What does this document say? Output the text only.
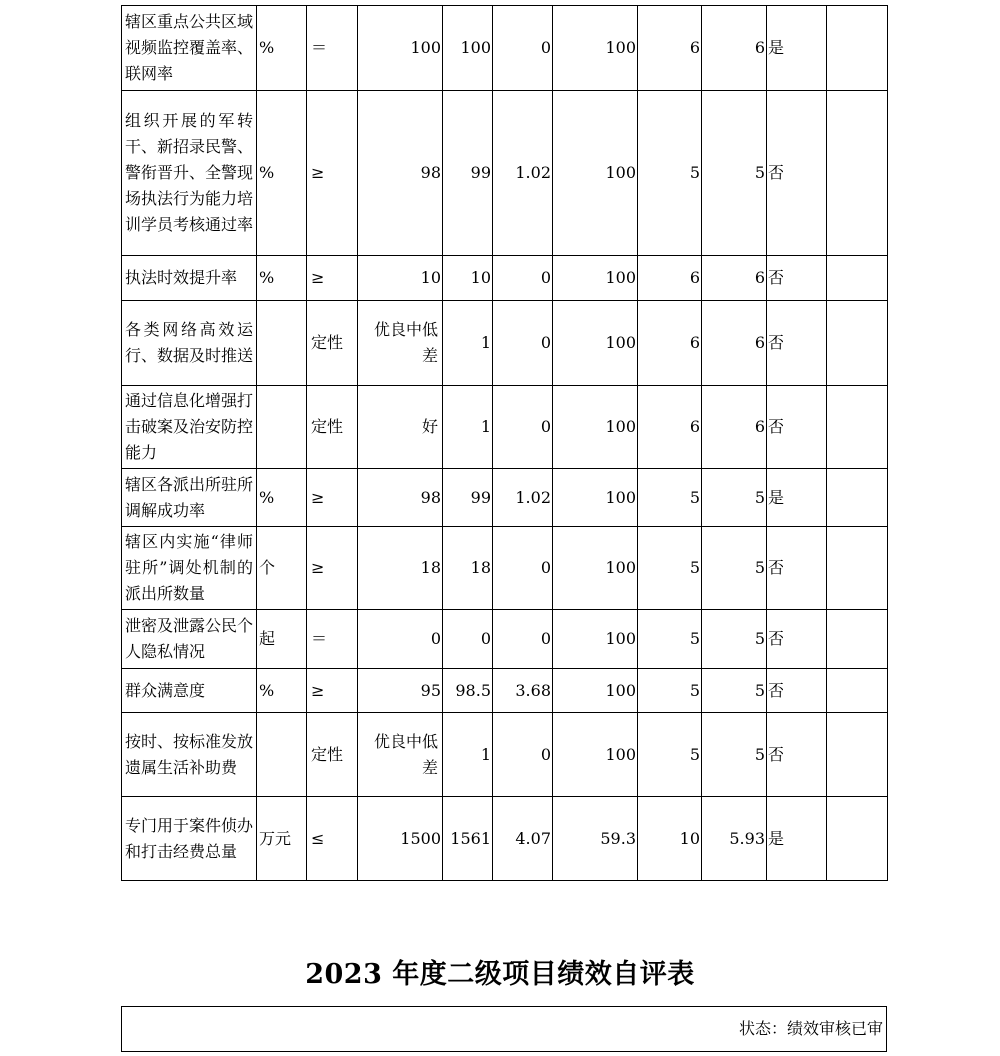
辖区重点公共区域视频监控覆盖率、联网率	%	＝	100	100	0	100	6	6	是	
组织开展的军转干、新招录民警、警衔晋升、全警现场执法行为能力培训学员考核通过率	%	≥	98	99	1.02	100	5	5	否	
执法时效提升率	%	≥	10	10	0	100	6	6	否	
各类网络高效运行、数据及时推送		定性	优良中低差	1	0	100	6	6	否	
通过信息化增强打击破案及治安防控能力		定性	好	1	0	100	6	6	否	
辖区各派出所驻所调解成功率	%	≥	98	99	1.02	100	5	5	是	
辖区内实施“律师驻所”调处机制的派出所数量	个	≥	18	18	0	100	5	5	否	
泄密及泄露公民个人隐私情况	起	＝	0	0	0	100	5	5	否	
群众满意度	%	≥	95	98.5	3.68	100	5	5	否	
按时、按标准发放遗属生活补助费		定性	优良中低差	1	0	100	5	5	否	
专门用于案件侦办和打击经费总量	万元	≤	1500	1561	4.07	59.3	10	5.93	是	
2023 年度二级项目绩效自评表
状态：绩效审核已审
